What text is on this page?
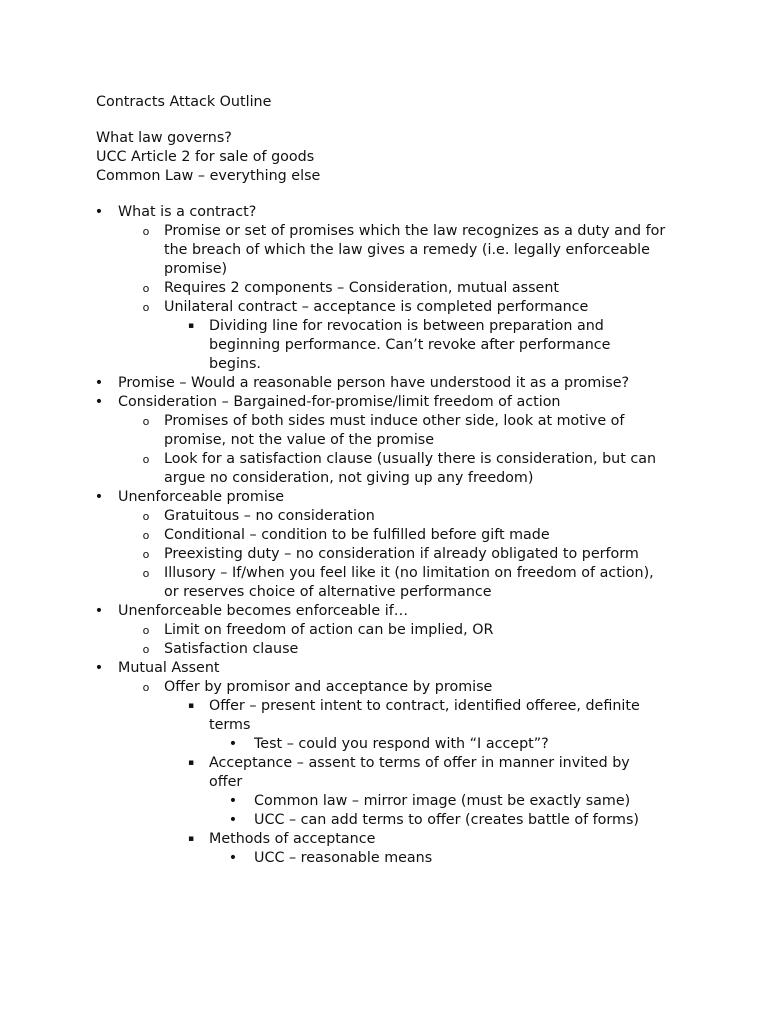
Contracts Attack Outline
What law governs?
UCC Article 2 for sale of goods
Common Law – everything else
• What is a contract?
o Promise or set of promises which the law recognizes as a duty and for the breach of which the law gives a remedy (i.e. legally enforceable promise)
o Requires 2 components – Consideration, mutual assent
o Unilateral contract – acceptance is completed performance
▪ Dividing line for revocation is between preparation and beginning performance. Can’t revoke after performance begins.
• Promise – Would a reasonable person have understood it as a promise?
• Consideration – Bargained-for-promise/limit freedom of action
o Promises of both sides must induce other side, look at motive of promise, not the value of the promise
o Look for a satisfaction clause (usually there is consideration, but can argue no consideration, not giving up any freedom)
• Unenforceable promise
o Gratuitous – no consideration
o Conditional – condition to be fulfilled before gift made
o Preexisting duty – no consideration if already obligated to perform
o Illusory – If/when you feel like it (no limitation on freedom of action), or reserves choice of alternative performance
• Unenforceable becomes enforceable if…
o Limit on freedom of action can be implied, OR
o Satisfaction clause
• Mutual Assent
o Offer by promisor and acceptance by promise
▪ Offer – present intent to contract, identified offeree, definite terms
• Test – could you respond with “I accept”?
▪ Acceptance – assent to terms of offer in manner invited by offer
• Common law – mirror image (must be exactly same)
• UCC – can add terms to offer (creates battle of forms)
▪ Methods of acceptance
• UCC – reasonable means
